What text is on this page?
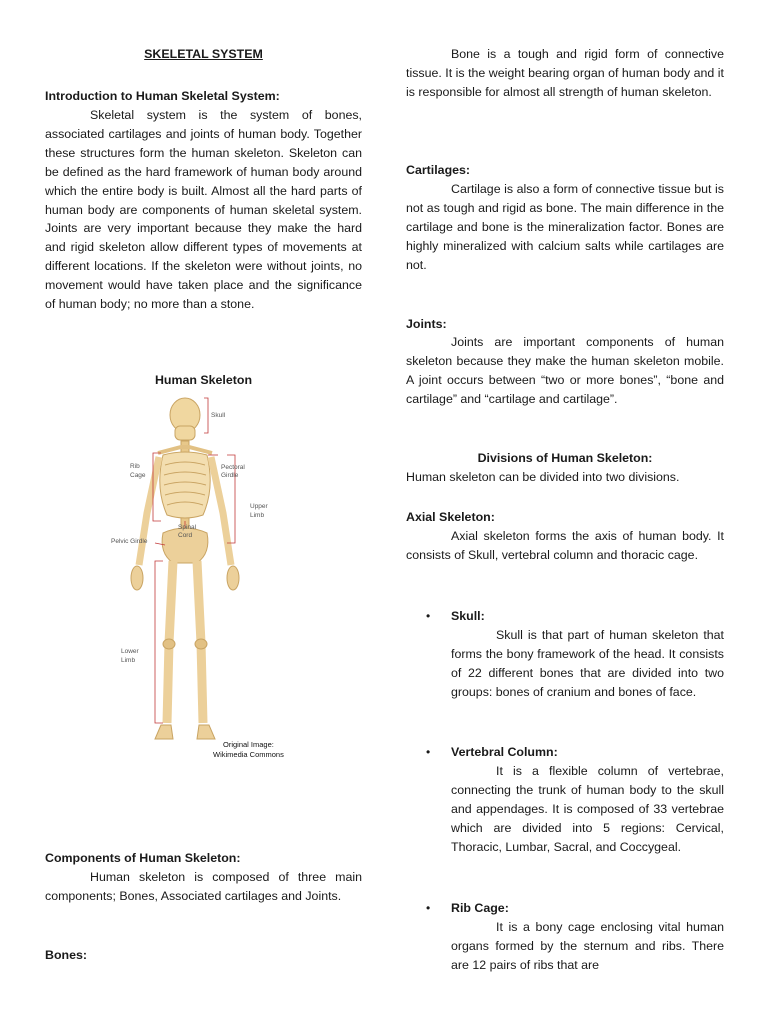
SKELETAL SYSTEM
Introduction to Human Skeletal System:

Skeletal system is the system of bones, associated cartilages and joints of human body. Together these structures form the human skeleton. Skeleton can be defined as the hard framework of human body around which the entire body is built. Almost all the hard parts of human body are components of human skeletal system. Joints are very important because they make the hard and rigid skeleton allow different types of movements at different locations. If the skeleton were without joints, no movement would have taken place and the significance of human body; no more than a stone.

Human Skeleton
Components of Human Skeleton:

Human skeleton is composed of three main components; Bones, Associated cartilages and Joints.

Bones:
Skull
Rib
Cage
Pectoral
Girdle
Upper
Limb
Spinal
Cord
Pelvic Girdle
Lower
Limb
Original Image:
Wikimedia Commons

Bone is a tough and rigid form of connective tissue. It is the weight bearing organ of human body and it is responsible for almost all strength of human skeleton.

Cartilages:

Cartilage is also a form of connective tissue but is not as tough and rigid as bone. The main difference in the cartilage and bone is the mineralization factor. Bones are highly mineralized with calcium salts while cartilages are not.

Joints:

Joints are important components of human skeleton because they make the human skeleton mobile. A joint occurs between “two or more bones”, “bone and cartilage” and “cartilage and cartilage”.

Divisions of Human Skeleton:

Human skeleton can be divided into two divisions.

Axial Skeleton:

Axial skeleton forms the axis of human body. It consists of Skull, vertebral column and thoracic cage.

• Skull:

Skull is that part of human skeleton that forms the bony framework of the head. It consists of 22 different bones that are divided into two groups: bones of cranium and bones of face.

• Vertebral Column:

It is a flexible column of vertebrae, connecting the trunk of human body to the skull and appendages. It is composed of 33 vertebrae which are divided into 5 regions: Cervical, Thoracic, Lumbar, Sacral, and Coccygeal.

• Rib Cage:

It is a bony cage enclosing vital human organs formed by the sternum and ribs. There are 12 pairs of ribs that are
